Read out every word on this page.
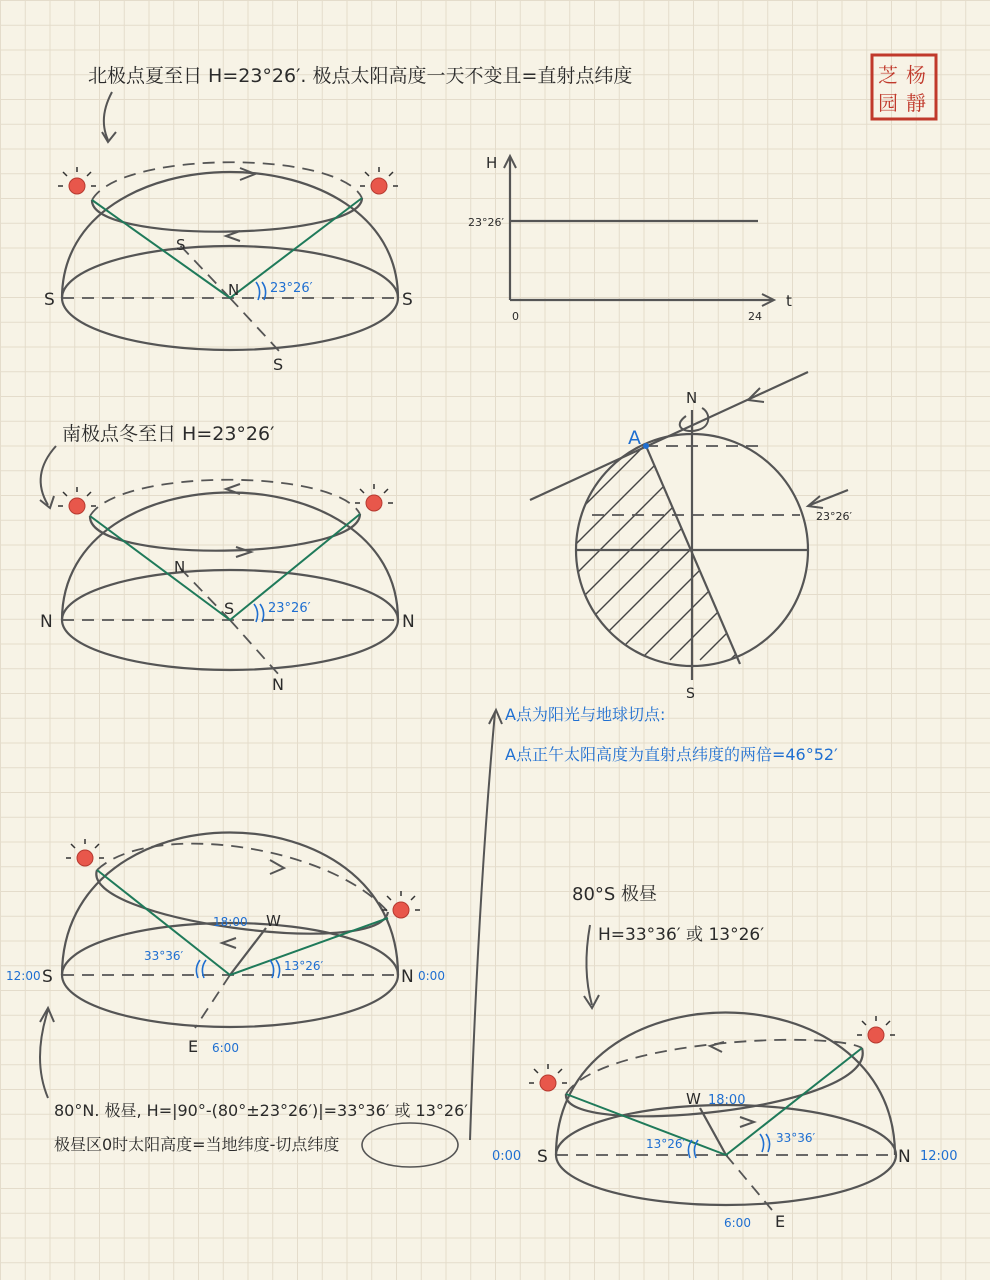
杨
靜
芝
园
北极点夏至日 H=23°26′. 极点太阳高度一天不变且=直射点纬度
S	S
S
S
N 23°26′
H
t
23°26′
0	24
南极点冬至日 H=23°26′
N	N
N
N
S	23°26′
N
S
A
23°26′
A点为阳光与地球切点:
A点正午太阳高度为直射点纬度的两倍=46°52′
S	N
W
E
12:00	0:00
18:00
6:00
33°36′
13°26′
80°N. 极昼, H=|90°-(80°±23°26′)|=33°36′ 或 13°26′
极昼区0时太阳高度=当地纬度-切点纬度
80°S 极昼
H=33°36′ 或 13°26′
S	N
W
E
0:00	12:00
18:00
6:00
13°26′	33°36′
